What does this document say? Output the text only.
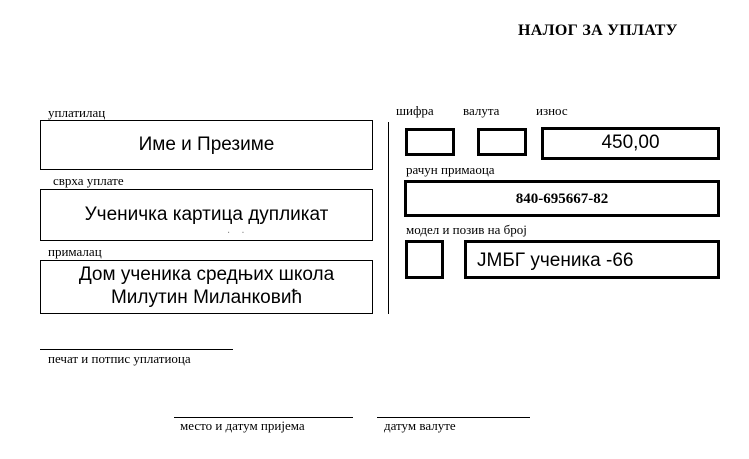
НАЛОГ ЗА УПЛАТУ
уплатилац
Име и Презиме
сврха уплате
Ученичка картица дупликат
· ·
прималац
Дом ученика средњих школа
Милутин Миланковић
шифра валута	износ
450,00
рачун примаоца
840-695667-82
модел и позив на број
ЈМБГ ученика -66
печат и потпис уплатиоца
место и датум пријема	датум валуте
